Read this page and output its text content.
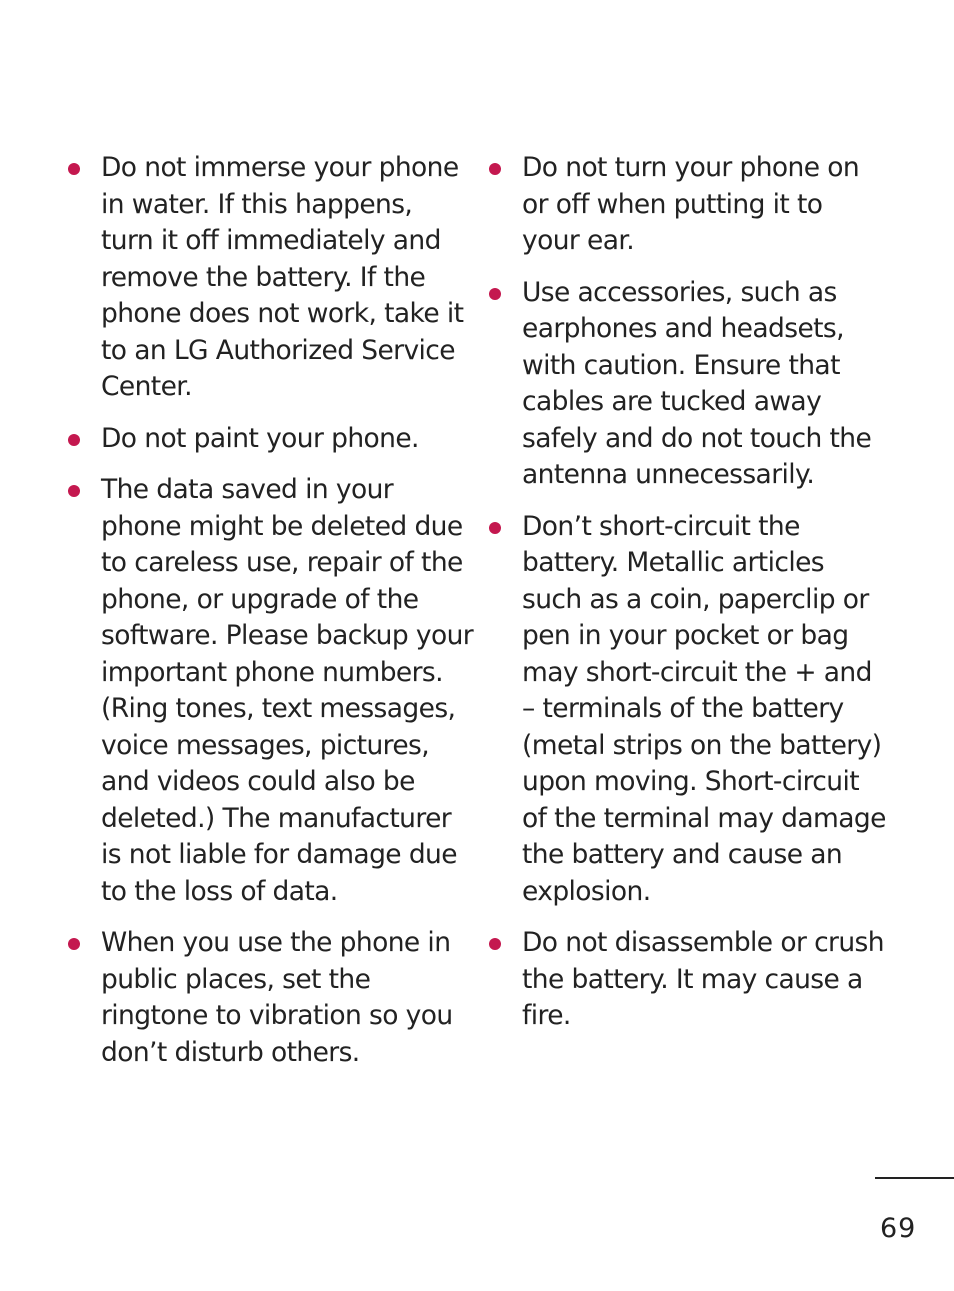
Do not immerse your phone
in water. If this happens,
turn it off immediately and
remove the battery. If the
phone does not work, take it
to an LG Authorized Service
Center.
Do not paint your phone.
The data saved in your
phone might be deleted due
to careless use, repair of the
phone, or upgrade of the
software. Please backup your
important phone numbers.
(Ring tones, text messages,
voice messages, pictures,
and videos could also be
deleted.) The manufacturer
is not liable for damage due
to the loss of data.
When you use the phone in
public places, set the
ringtone to vibration so you
don’t disturb others.
Do not turn your phone on
or off when putting it to
your ear.
Use accessories, such as
earphones and headsets,
with caution. Ensure that
cables are tucked away
safely and do not touch the
antenna unnecessarily.
Don’t short-circuit the
battery. Metallic articles
such as a coin, paperclip or
pen in your pocket or bag
may short-circuit the + and
– terminals of the battery
(metal strips on the battery)
upon moving. Short-circuit
of the terminal may damage
the battery and cause an
explosion.
Do not disassemble or crush
the battery. It may cause a
fire.
69
